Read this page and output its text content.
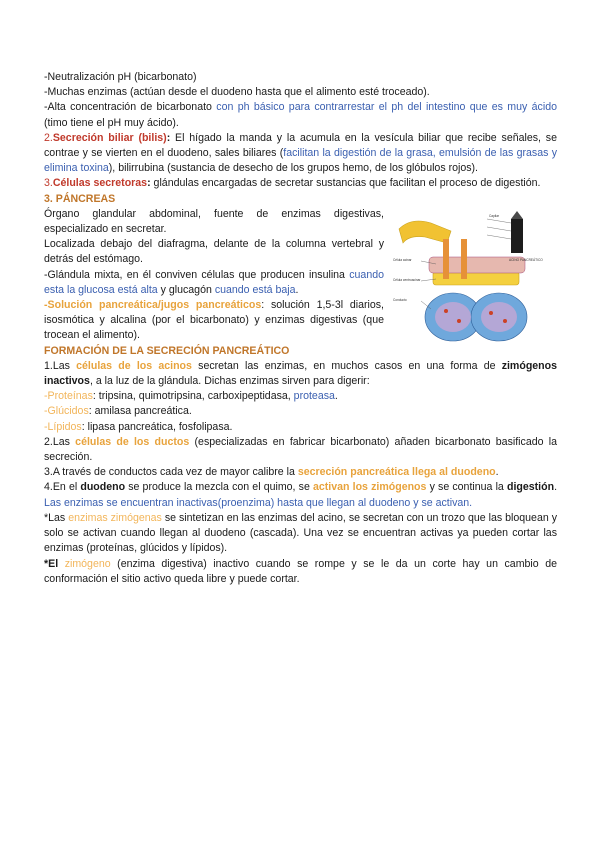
-Neutralización pH (bicarbonato)

-Muchas enzimas (actúan desde el duodeno hasta que el alimento esté troceado).

-Alta concentración de bicarbonato con ph básico para contrarrestar el ph del intestino que es muy ácido (timo tiene el pH muy ácido).

2.Secreción biliar (bilis): El hígado la manda y la acumula en la vesícula biliar que recibe señales, se contrae y se vierten en el duodeno, sales biliares (facilitan la digestión de la grasa, emulsión de las grasas y elimina toxina), bilirrubina (sustancia de desecho de los grupos hemo, de los glóbulos rojos).

3.Células secretoras: glándulas encargadas de secretar sustancias que facilitan el proceso de digestión.

3. PÁNCREAS

Órgano glandular abdominal, fuente de enzimas digestivas, especializado en secretar.

Localizada debajo del diafragma, delante de la columna vertebral y detrás del estómago.

-Glándula mixta, en él conviven células que producen insulina cuando esta la glucosa está alta y glucagón cuando está baja.

-Solución pancreática/jugos pancreáticos: solución 1,5-3l diarios, isosmótica y alcalina (por el bicarbonato) y enzimas digestivas (que trocean el alimento).

Célula acinar
Célula centroacinar
Conducto
Capilar
ACINO PANCREÁTICO

FORMACIÓN DE LA SECRECIÓN PANCREÁTICO

1.Las células de los acinos secretan las enzimas, en muchos casos en una forma de zimógenos inactivos, a la luz de la glándula. Dichas enzimas sirven para digerir:

-Proteínas: tripsina, quimotripsina, carboxipeptidasa, proteasa.

-Glúcidos: amilasa pancreática.

-Lípidos: lipasa pancreática, fosfolipasa.

2.Las células de los ductos (especializadas en fabricar bicarbonato) añaden bicarbonato basificado la secreción.

3.A través de conductos cada vez de mayor calibre la secreción pancreática llega al duodeno.

4.En el duodeno se produce la mezcla con el quimo, se activan los zimógenos y se continua la digestión. Las enzimas se encuentran inactivas(proenzima) hasta que llegan al duodeno y se activan.

*Las enzimas zimógenas se sintetizan en las enzimas del acino, se secretan con un trozo que las bloquean y solo se activan cuando llegan al duodeno (cascada). Una vez se encuentran activas ya pueden cortar las enzimas (proteínas, glúcidos y lípidos).

*El zimógeno (enzima digestiva) inactivo cuando se rompe y se le da un corte hay un cambio de conformación el sitio activo queda libre y puede cortar.
